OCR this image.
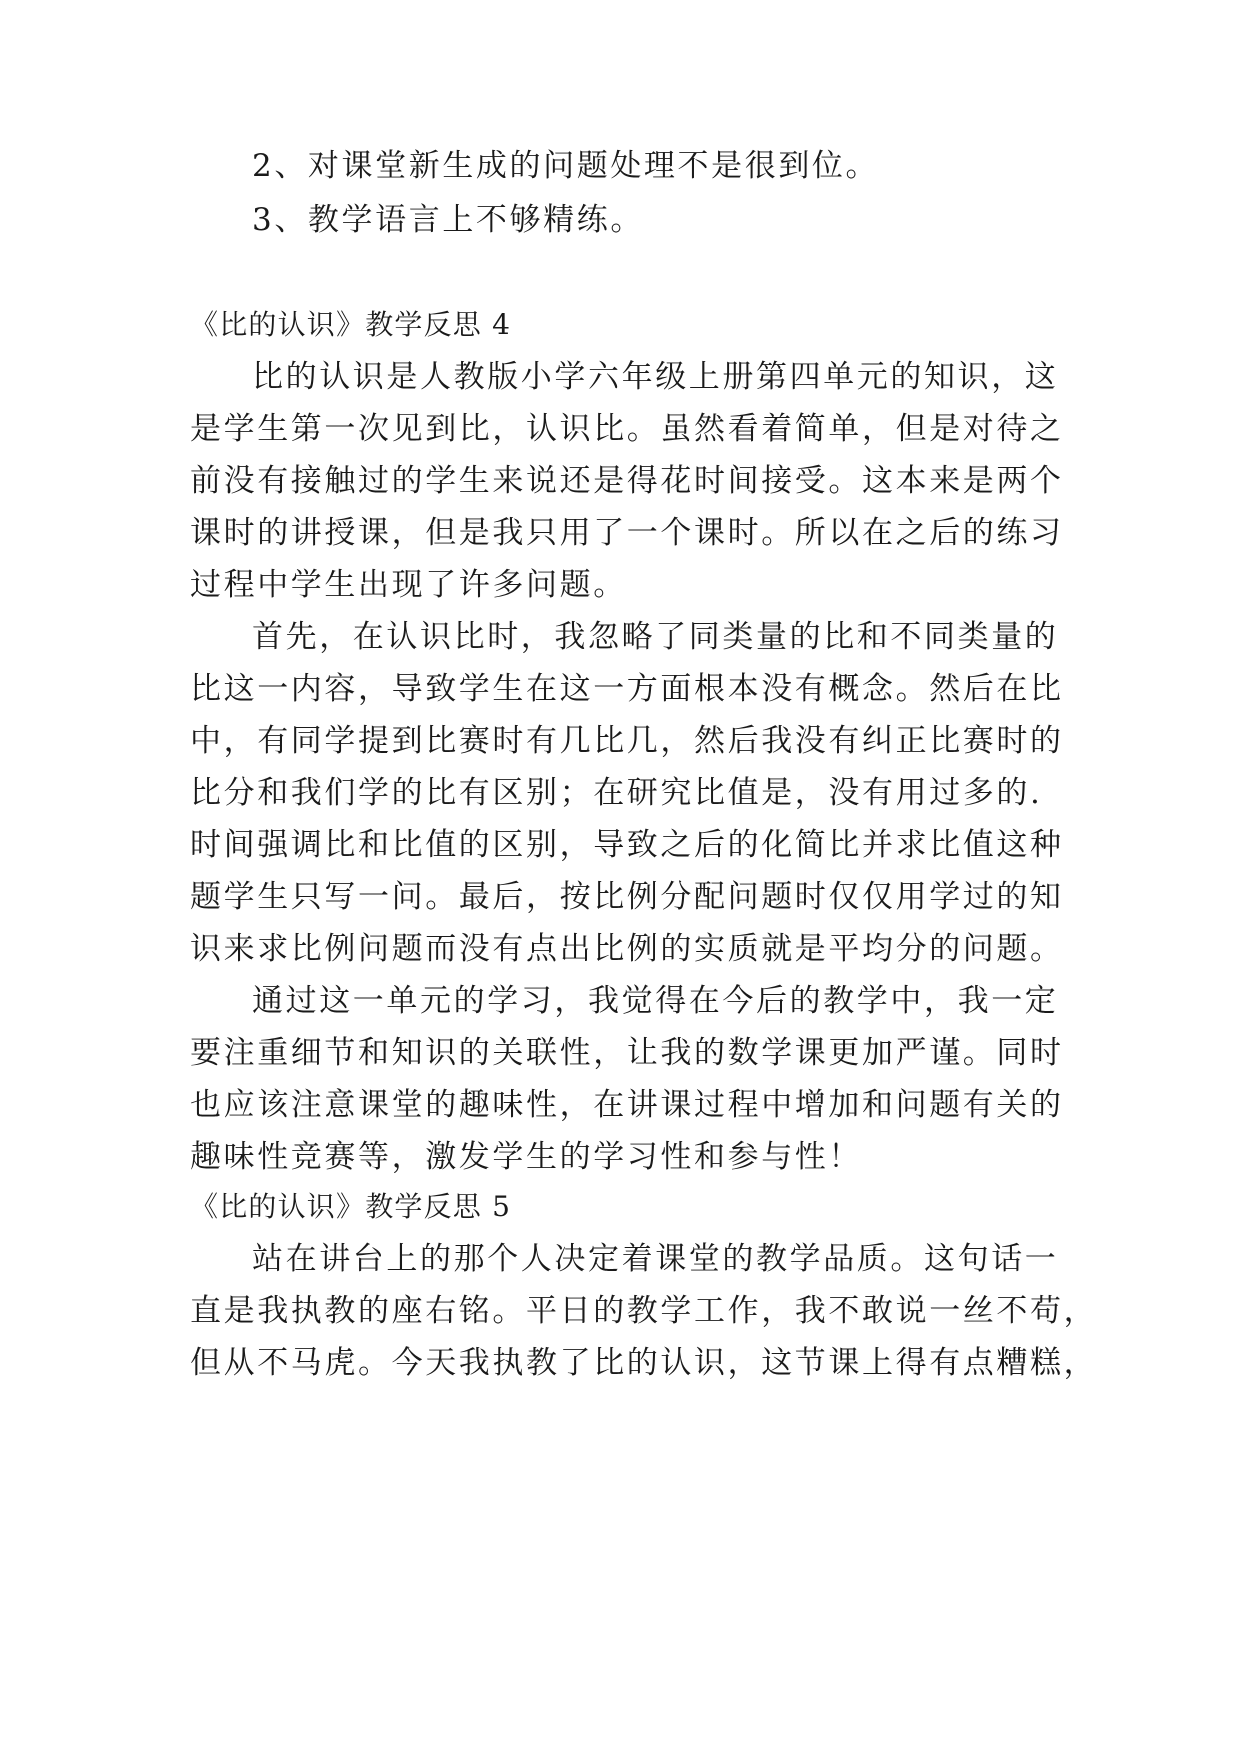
2、对课堂新生成的问题处理不是很到位。
3、教学语言上不够精练。
《比的认识》教学反思 4
比的认识是人教版小学六年级上册第四单元的知识，这
是学生第一次见到比，认识比。虽然看着简单，但是对待之
前没有接触过的学生来说还是得花时间接受。这本来是两个
课时的讲授课，但是我只用了一个课时。所以在之后的练习
过程中学生出现了许多问题。
首先，在认识比时，我忽略了同类量的比和不同类量的
比这一内容，导致学生在这一方面根本没有概念。然后在比
中，有同学提到比赛时有几比几，然后我没有纠正比赛时的
比分和我们学的比有区别；在研究比值是，没有用过多的.
时间强调比和比值的区别，导致之后的化简比并求比值这种
题学生只写一问。最后，按比例分配问题时仅仅用学过的知
识来求比例问题而没有点出比例的实质就是平均分的问题。
通过这一单元的学习，我觉得在今后的教学中，我一定
要注重细节和知识的关联性，让我的数学课更加严谨。同时
也应该注意课堂的趣味性，在讲课过程中增加和问题有关的
趣味性竞赛等，激发学生的学习性和参与性！
《比的认识》教学反思 5
站在讲台上的那个人决定着课堂的教学品质。这句话一
直是我执教的座右铭。平日的教学工作，我不敢说一丝不苟，
但从不马虎。今天我执教了比的认识，这节课上得有点糟糕，
